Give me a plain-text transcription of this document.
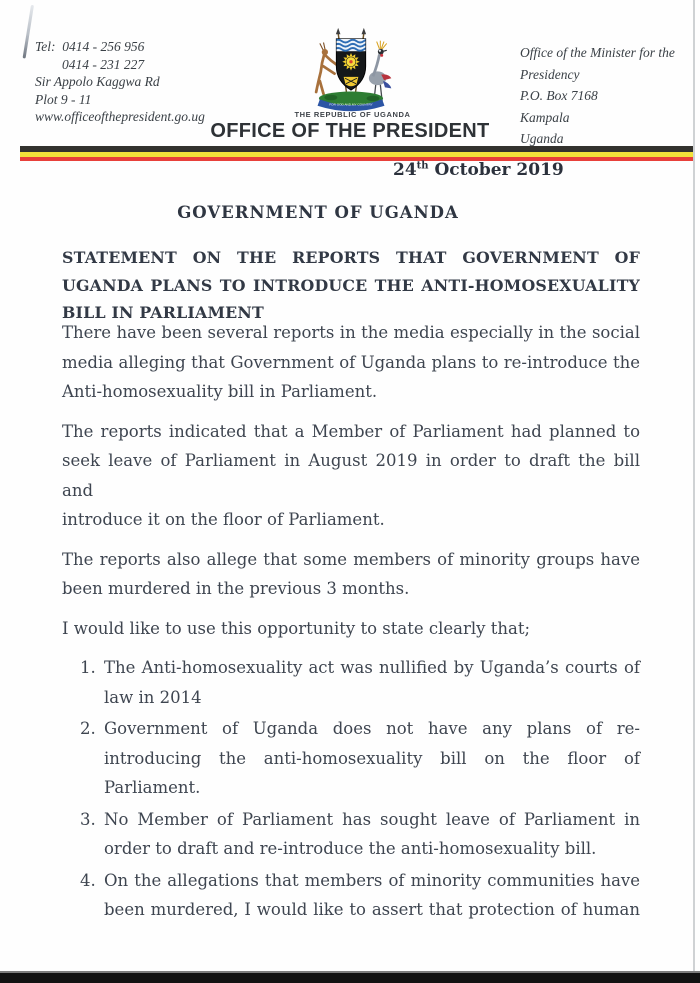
Tel:  0414 - 256 956
0414 - 231 227
Sir Appolo Kaggwa Rd
Plot 9 - 11
www.officeofthepresident.go.ug
Office of the Minister for the
Presidency
P.O. Box 7168
Kampala
Uganda
FOR GOD AND MY COUNTRY
THE REPUBLIC OF UGANDA
OFFICE OF THE PRESIDENT
24th October 2019
GOVERNMENT OF UGANDA
STATEMENT ON THE REPORTS THAT GOVERNMENT OF
UGANDA PLANS TO INTRODUCE THE ANTI-HOMOSEXUALITY
BILL IN PARLIAMENT
There have been several reports in the media especially in the social
media alleging that Government of Uganda plans to re-introduce the
Anti-homosexuality bill in Parliament.
The reports indicated that a Member of Parliament had planned to
seek leave of Parliament in August 2019 in order to draft the bill and
introduce it on the floor of Parliament.
The reports also allege that some members of minority groups have
been murdered in the previous 3 months.
I would like to use this opportunity to state clearly that;
1. The Anti-homosexuality act was nullified by Uganda’s courts of
law in 2014
2. Government of Uganda does not have any plans of re-
introducing the anti-homosexuality bill on the floor of
Parliament.
3. No Member of Parliament has sought leave of Parliament in
order to draft and re-introduce the anti-homosexuality bill.
4. On the allegations that members of minority communities have
been murdered, I would like to assert that protection of human
